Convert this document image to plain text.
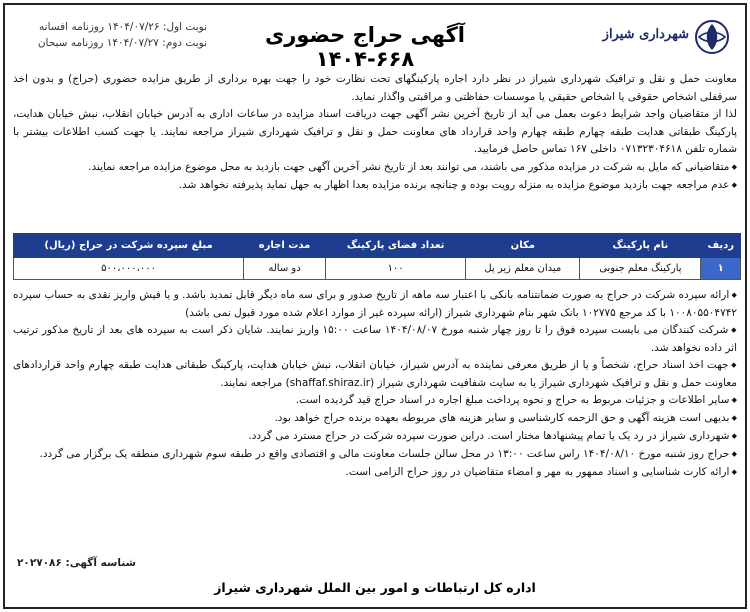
شهرداری شیراز
آگهی حراج حضوری ۶۶۸-۱۴۰۴
نوبت اول: ۱۴۰۴/۰۷/۲۶ روزنامه افسانه
نوبت دوم: ۱۴۰۴/۰۷/۲۷ روزنامه سبحان

معاونت حمل و نقل و ترافیک شهرداری شیراز در نظر دارد اجاره پارکینگهای تحت نظارت خود را جهت بهره برداری از طریق مزایده حضوری (حراج) و بدون اخذ سرقفلی اشخاص حقوقی یا اشخاص حقیقی یا موسسات حفاظتی و مراقبتی واگذار نماید.

لذا از متقاضیان واجد شرایط دعوت بعمل می آید از تاریخ آخرین نشر آگهی جهت دریافت اسناد مزایده در ساعات اداری به آدرس خیابان انقلاب، نبش خیابان هدایت، پارکینگ طبقاتی هدایت طبقه چهارم طبقه چهارم واحد قرارداد های معاونت حمل و نقل و ترافیک شهرداری شیراز مراجعه نمایند. یا جهت کسب اطلاعات بیشتر با شماره تلفن ۰۷۱۳۲۳۰۴۶۱۸ داخلی ۱۶۷ تماس حاصل فرمایید.

◆ متقاضیانی که مایل به شرکت در مزایده مذکور می باشند، می توانند بعد از تاریخ نشر آخرین آگهی جهت بازدید به محل موضوع مزایده مراجعه نمایند.

◆ عدم مراجعه جهت بازدید موضوع مزایده به منزله رویت بوده و چنانچه برنده مزایده بعدا اظهار به جهل نماید پذیرفته نخواهد شد.

ردیف	نام پارکینگ	مکان	تعداد فضای پارکینگ	مدت اجاره	مبلغ سپرده شرکت در حراج (ریال)
۱	پارکینگ معلم جنوبی	میدان معلم زیر پل	۱۰۰	دو ساله	۵۰۰،۰۰۰،۰۰۰

◆ ارائه سپرده شرکت در حراج به صورت ضمانتنامه بانکی با اعتبار سه ماهه از تاریخ صدور و برای سه ماه دیگر قابل تمدید باشد. و یا فیش واریز نقدی به حساب سپرده ۱۰۰۸۰۵۵۰۴۷۴۲ با کد مرجع ۱۰۲۷۷۵ بانک شهر بنام شهرداری شیراز (ارائه سپرده غیر از موارد اعلام شده مورد قبول نمی باشد)

◆ شرکت کنندگان می بایست سپرده فوق را تا روز چهار شنبه مورخ ۱۴۰۴/۰۸/۰۷ ساعت ۱۵:۰۰ واریز نمایند. شایان ذکر است به سپرده های بعد از تاریخ مذکور ترتیب اثر داده نخواهد شد.

◆ جهت اخذ اسناد حراج، شخصاً و یا از طریق معرفی نماینده به آدرس شیراز، خیابان انقلاب، نبش خیابان هدایت، پارکینگ طبقاتی هدایت طبقه چهارم واحد قراردادهای معاونت حمل و نقل و ترافیک شهرداری شیراز یا به سایت شفافیت شهرداری شیراز (shaffaf.shiraz.ir) مراجعه نمایند.

◆ سایر اطلاعات و جزئیات مربوط به حراج و نحوه پرداخت مبلغ اجاره در اسناد حراج قید گردیده است.

◆ بدیهی است هزینه آگهی و حق الزحمه کارشناسی و سایر هزینه های مربوطه بعهده برنده حراج خواهد بود.

◆ شهرداری شیراز در رد یک یا تمام پیشنهادها مختار است. دراین صورت سپرده شرکت در حراج مسترد می گردد.

◆ حراج روز شنبه مورخ ۱۴۰۴/۰۸/۱۰ راس ساعت ۱۳:۰۰ در محل سالن جلسات معاونت مالی و اقتصادی واقع در طبقه سوم شهرداری منطقه یک برگزار می گردد.

◆ ارائه کارت شناسایی و اسناد ممهور به مهر و امضاء متقاضیان در روز حراج الزامی است.

شناسه آگهی: ۲۰۲۷۰۸۶
اداره کل ارتباطات و امور بین الملل شهرداری شیراز
